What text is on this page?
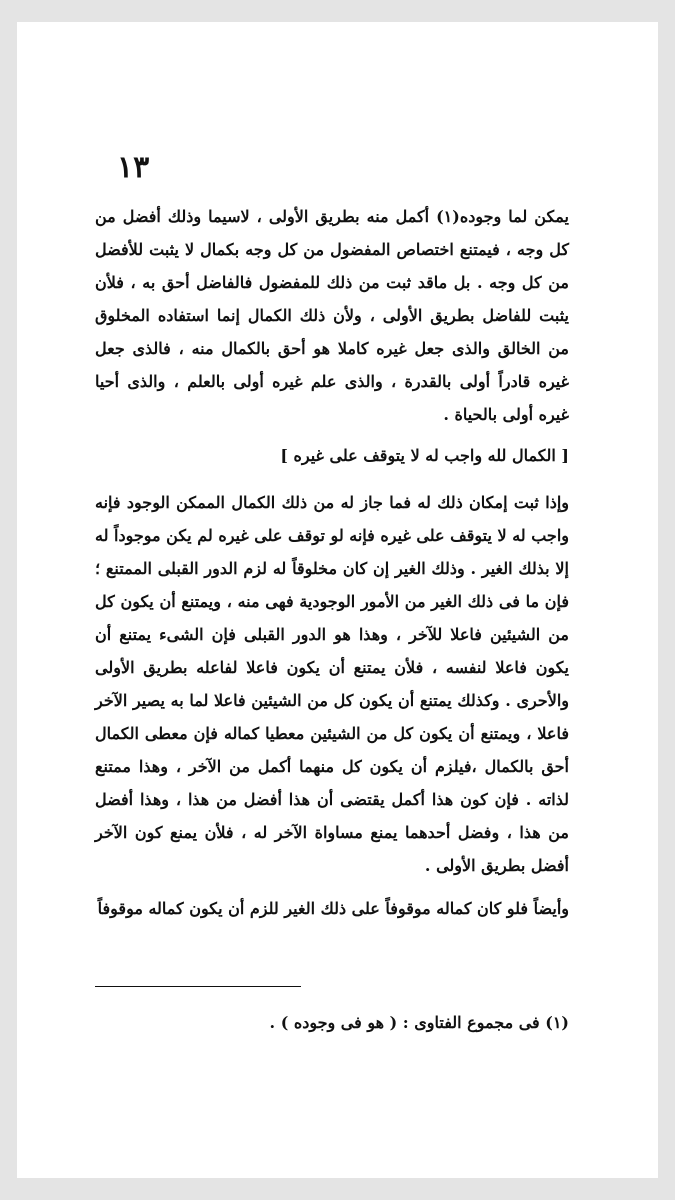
١٣

يمكن لما وجوده(١) أكمل منه بطريق الأولى ، لاسيما وذلك أفضل من كل وجه ، فيمتنع اختصاص المفضول من كل وجه بكمال لا يثبت للأفضل من كل وجه . بل ماقد ثبت من ذلك للمفضول فالفاضل أحق به ، فلأن يثبت للفاضل بطريق الأولى ، ولأن ذلك الكمال إنما استفاده المخلوق من الخالق والذى جعل غيره كاملا هو أحق بالكمال منه ، فالذى جعل غيره قادراً أولى بالقدرة ، والذى علم غيره أولى بالعلم ، والذى أحيا غيره أولى بالحياة .

[ الكمال لله واجب له لا يتوقف على غيره ]

وإذا ثبت إمكان ذلك له فما جاز له من ذلك الكمال الممكن الوجود فإنه واجب له لا يتوقف على غيره فإنه لو توقف على غيره لم يكن موجوداً له إلا بذلك الغير . وذلك الغير إن كان مخلوقاً له لزم الدور القبلى الممتنع ؛ فإن ما فى ذلك الغير من الأمور الوجودية فهى منه ، ويمتنع أن يكون كل من الشيئين فاعلا للآخر ، وهذا هو الدور القبلى فإن الشىء يمتنع أن يكون فاعلا لنفسه ، فلأن يمتنع أن يكون فاعلا لفاعله بطريق الأولى والأحرى . وكذلك يمتنع أن يكون كل من الشيئين فاعلا لما به يصير الآخر فاعلا ، ويمتنع أن يكون كل من الشيئين معطيا كماله فإن معطى الكمال أحق بالكمال ،فيلزم أن يكون كل منهما أكمل من الآخر ، وهذا ممتنع لذاته . فإن كون هذا أكمل يقتضى أن هذا أفضل من هذا ، وهذا أفضل من هذا ، وفضل أحدهما يمنع مساواة الآخر له ، فلأن يمنع كون الآخر أفضل بطريق الأولى .

وأيضاً فلو كان كماله موقوفاً على ذلك الغير للزم أن يكون كماله موقوفاً

(١) فى مجموع الفتاوى : ( هو فى وجوده ) .
